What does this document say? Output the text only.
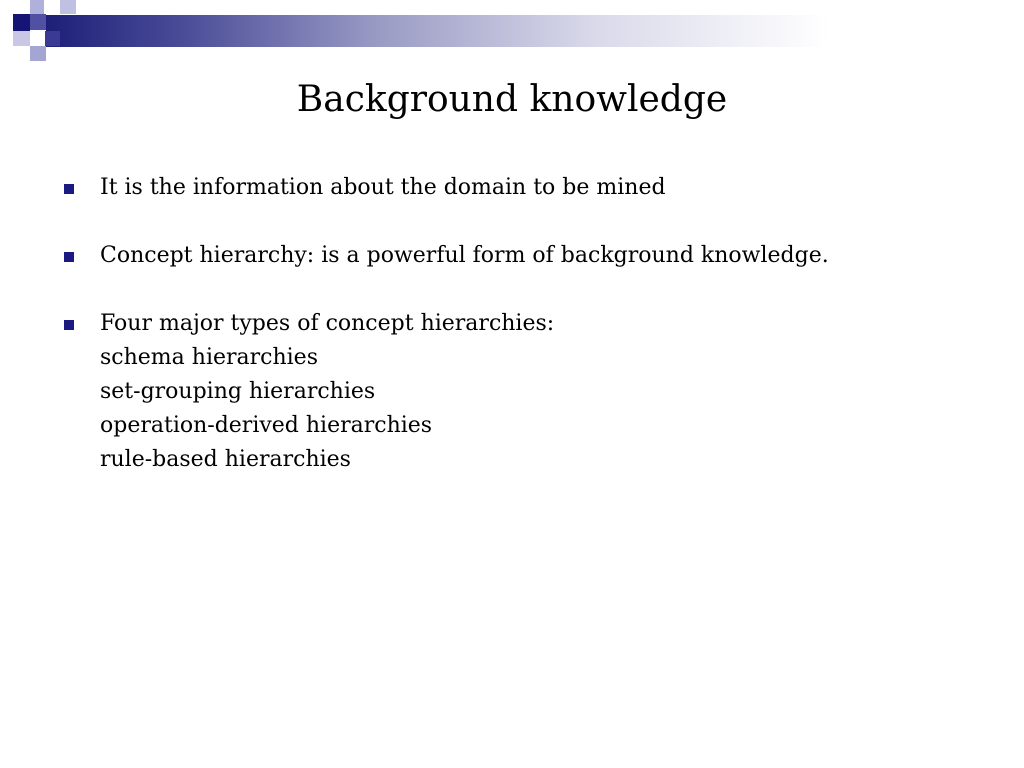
Background knowledge
It is the information about the domain to be mined
Concept hierarchy: is a powerful form of background knowledge.
Four major types of concept hierarchies:
schema hierarchies
set-grouping hierarchies
operation-derived hierarchies
rule-based hierarchies
